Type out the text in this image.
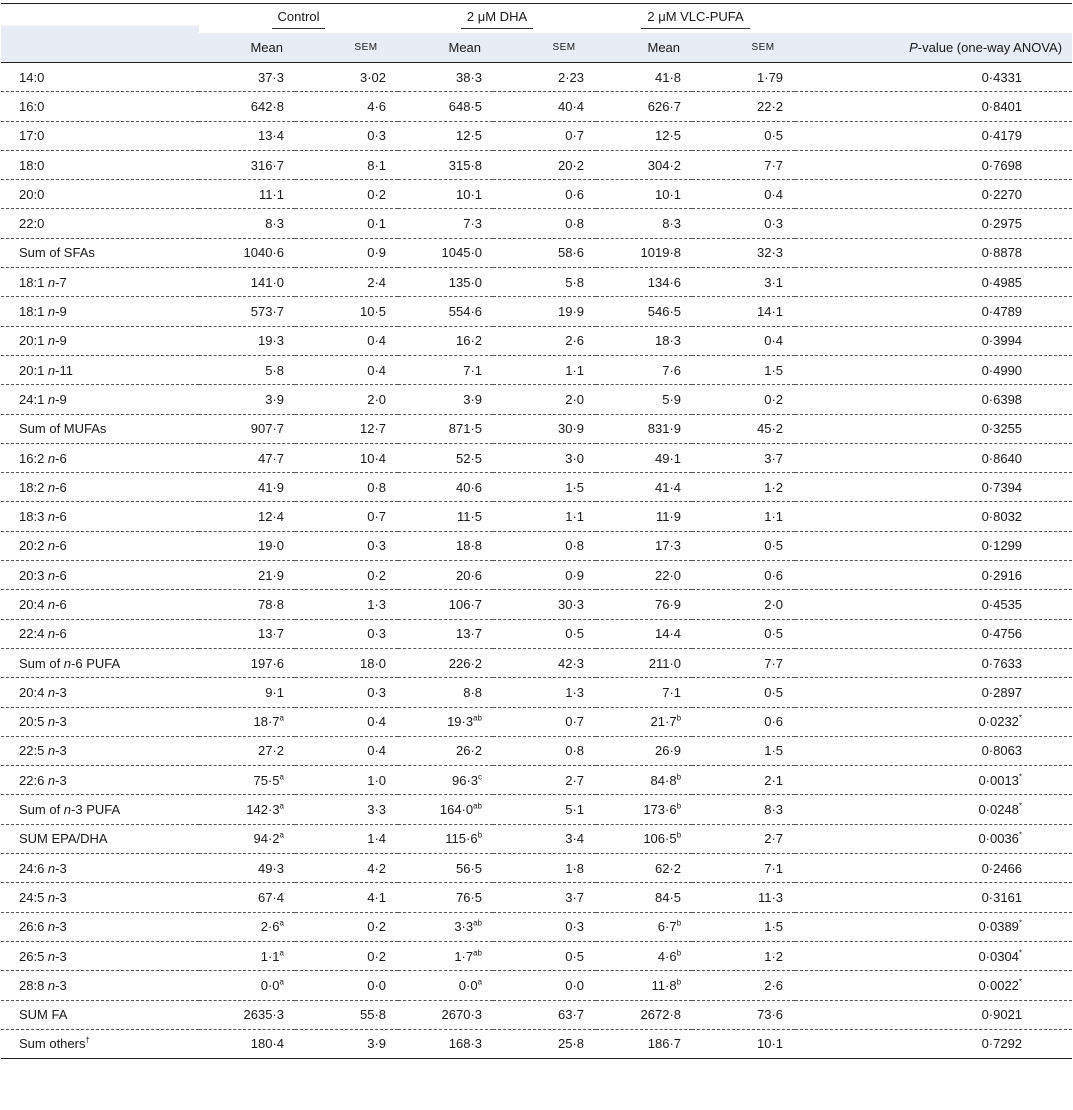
	Control		2 μM DHA		2 μM VLC-PUFA		
	Mean	SEM	Mean	SEM	Mean	SEM	P-value (one-way ANOVA)
14:0	37·3	3·02	38·3	2·23	41·8	1·79	0·4331
16:0	642·8	4·6	648·5	40·4	626·7	22·2	0·8401
17:0	13·4	0·3	12·5	0·7	12·5	0·5	0·4179
18:0	316·7	8·1	315·8	20·2	304·2	7·7	0·7698
20:0	11·1	0·2	10·1	0·6	10·1	0·4	0·2270
22:0	8·3	0·1	7·3	0·8	8·3	0·3	0·2975
Sum of SFAs	1040·6	0·9	1045·0	58·6	1019·8	32·3	0·8878
18:1 n-7	141·0	2·4	135·0	5·8	134·6	3·1	0·4985
18:1 n-9	573·7	10·5	554·6	19·9	546·5	14·1	0·4789
20:1 n-9	19·3	0·4	16·2	2·6	18·3	0·4	0·3994
20:1 n-11	5·8	0·4	7·1	1·1	7·6	1·5	0·4990
24:1 n-9	3·9	2·0	3·9	2·0	5·9	0·2	0·6398
Sum of MUFAs	907·7	12·7	871·5	30·9	831·9	45·2	0·3255
16:2 n-6	47·7	10·4	52·5	3·0	49·1	3·7	0·8640
18:2 n-6	41·9	0·8	40·6	1·5	41·4	1·2	0·7394
18:3 n-6	12·4	0·7	11·5	1·1	11·9	1·1	0·8032
20:2 n-6	19·0	0·3	18·8	0·8	17·3	0·5	0·1299
20:3 n-6	21·9	0·2	20·6	0·9	22·0	0·6	0·2916
20:4 n-6	78·8	1·3	106·7	30·3	76·9	2·0	0·4535
22:4 n-6	13·7	0·3	13·7	0·5	14·4	0·5	0·4756
Sum of n-6 PUFA	197·6	18·0	226·2	42·3	211·0	7·7	0·7633
20:4 n-3	9·1	0·3	8·8	1·3	7·1	0·5	0·2897
20:5 n-3	$18\cdot 7^a$	0·4	$19\cdot 3^{ab}$	0·7	$21\cdot 7^b$	0·6	0·0232*
22:5 n-3	27·2	0·4	26·2	0·8	26·9	1·5	0·8063
22:6 n-3	$75\cdot 5^a$	1·0	$96\cdot 3^c$	2·7	$84\cdot 8^b$	2·1	0·0013*
Sum of n-3 PUFA	$142\cdot 3^a$	3·3	$164\cdot 0^{ab}$	5·1	$173\cdot 6^b$	8·3	0·0248*
SUM EPA/DHA	$94\cdot 2^a$	1·4	$115\cdot 6^b$	3·4	$106\cdot 5^b$	2·7	0·0036*
24:6 n-3	49·3	4·2	56·5	1·8	62·2	7·1	0·2466
24:5 n-3	67·4	4·1	76·5	3·7	84·5	11·3	0·3161
26:6 n-3	$2\cdot 6^a$	0·2	$3\cdot 3^{ab}$	0·3	$6\cdot 7^b$	1·5	0·0389*
26:5 n-3	$1\cdot 1^a$	0·2	$1\cdot 7^{ab}$	0·5	$4\cdot 6^b$	1·2	0·0304*
28:8 n-3	$0\cdot 0^a$	0·0	$0\cdot 0^a$	0·0	$11\cdot 8^b$	2·6	0·0022*
SUM FA	2635·3	55·8	2670·3	63·7	2672·8	73·6	0·9021
Sum others†	180·4	3·9	168·3	25·8	186·7	10·1	0·7292
